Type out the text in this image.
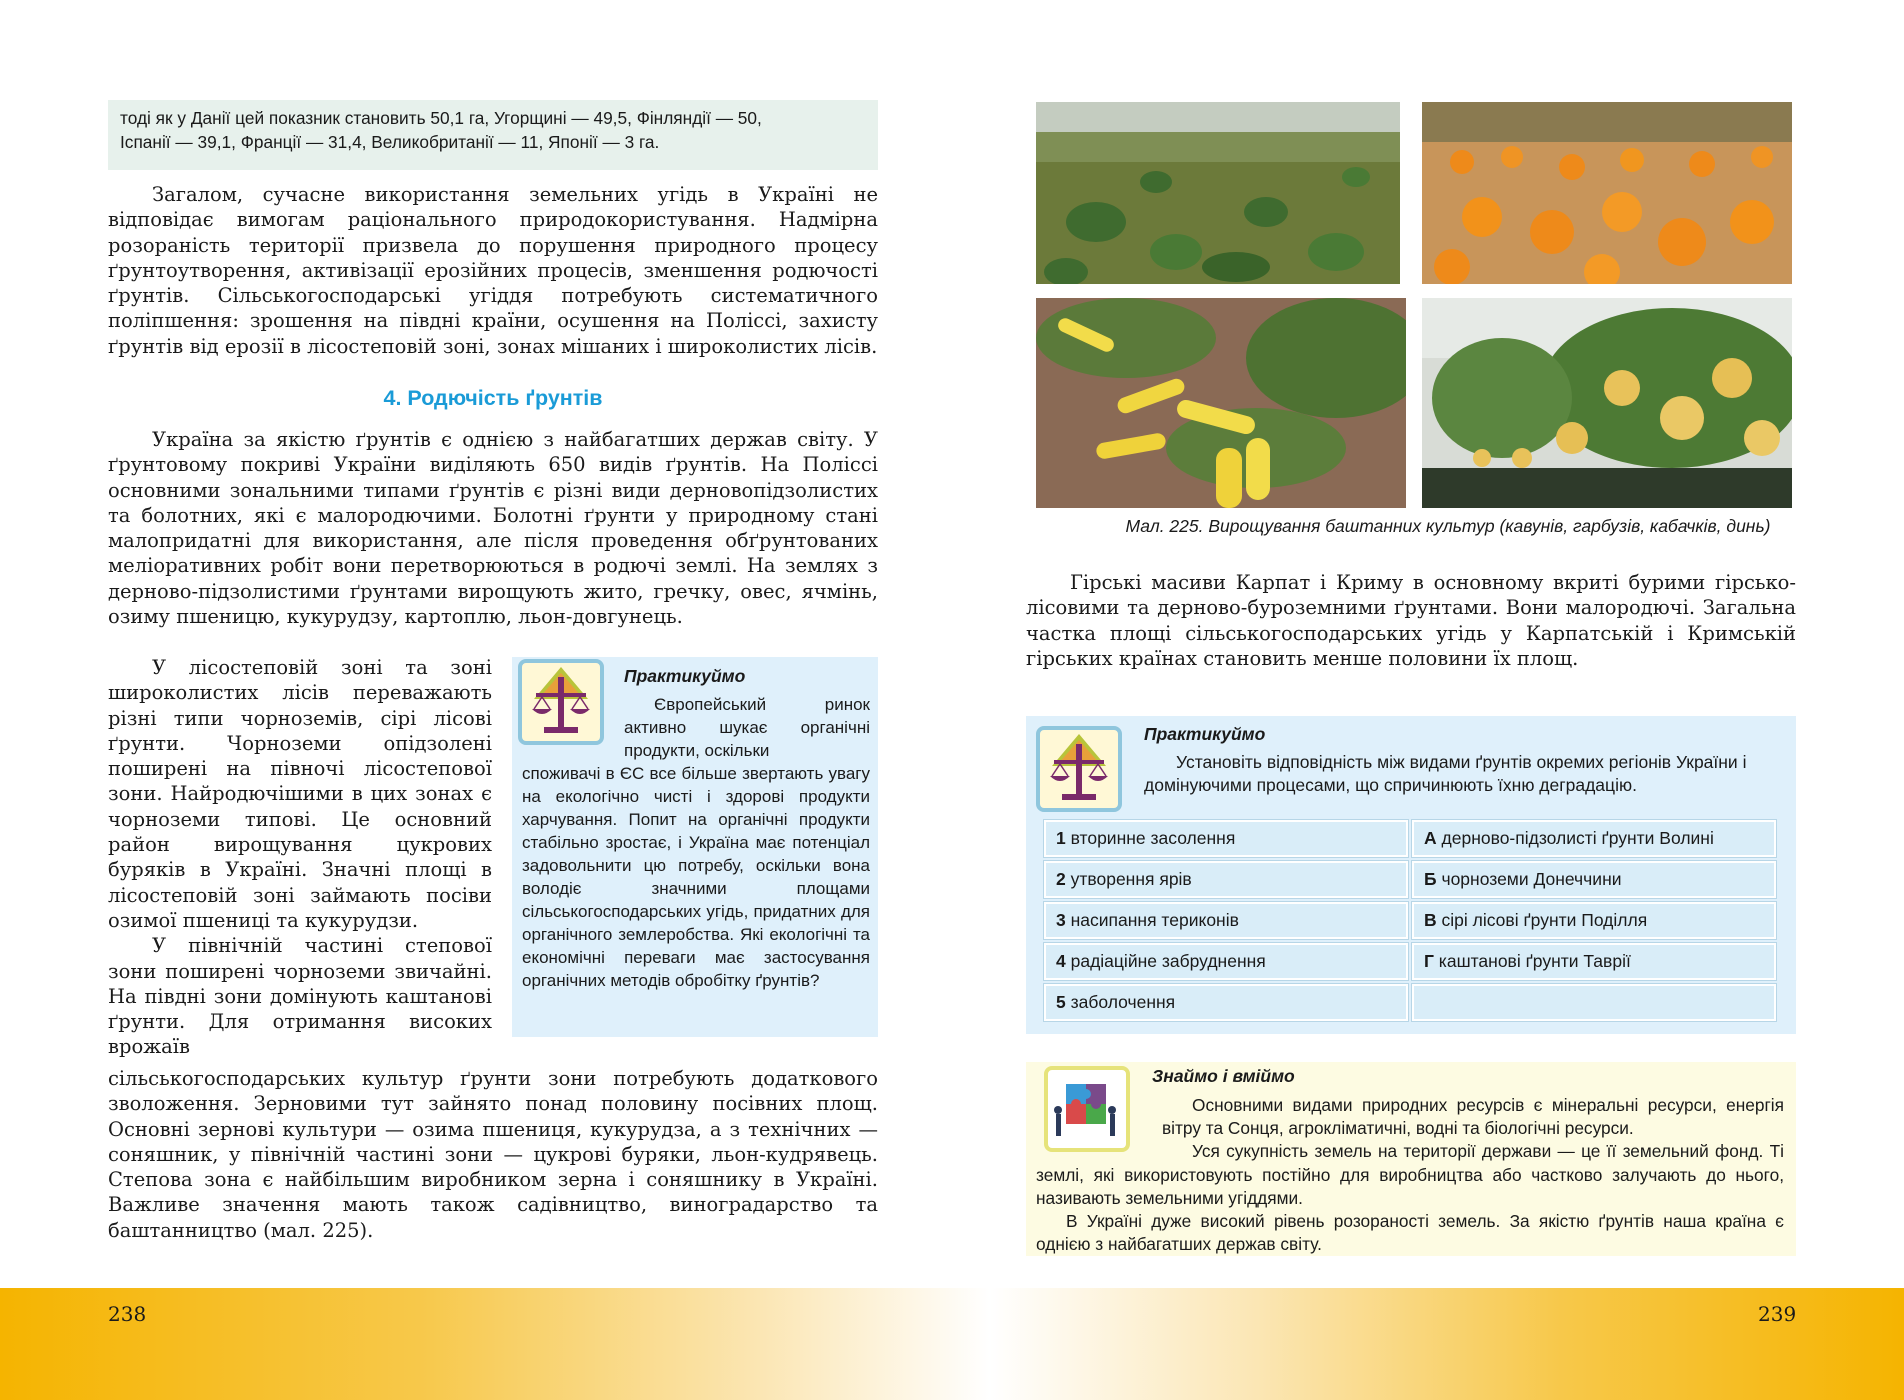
тоді як у Данії цей показник становить 50,1 га, Угорщині — 49,5, Фінляндії — 50,
Іспанії — 39,1, Франції — 31,4, Великобританії — 11, Японії — 3 га.

Загалом, сучасне використання земельних угідь в Україні не відповідає вимогам раціонального природокористування. Надмірна розораність території призвела до порушення природного процесу ґрунтоутворення, активізації ерозійних процесів, зменшення родючості ґрунтів. Сільськогосподарські угіддя потребують систематичного поліпшення: зрошення на півдні країни, осушення на Поліссі, захисту ґрунтів від ерозії в лісостеповій зоні, зонах мішаних і широколистих лісів.

4. Родючість ґрунтів

Україна за якістю ґрунтів є однією з найбагатших держав світу. У ґрунтовому покриві України виділяють 650 видів ґрунтів. На Поліссі основними зональними типами ґрунтів є різні види дерновопідзолистих та болотних, які є малородючими. Болотні ґрунти у природному стані малопридатні для використання, але після проведення обґрунтованих меліоративних робіт вони перетворюються в родючі землі. На землях з дерново-підзолистими ґрунтами вирощують жито, гречку, овес, ячмінь, озиму пшеницю, кукурудзу, картоплю, льон-довгунець.

У лісостеповій зоні та зоні широколистих лісів переважають різні типи чорноземів, сірі лісові ґрунти. Чорноземи опідзолені поширені на півночі лісостепової зони. Найродючішими в цих зонах є чорноземи типові. Це основний район вирощування цукрових буряків в Україні. Значні площі в лісостеповій зоні займають посіви озимої пшениці та кукурудзи.

У північній частині степової зони поширені чорноземи звичайні. На півдні зони домінують каштанові ґрунти. Для отримання високих врожаїв

Практикуймо
Європейський ринок активно шукає органічні продукти, оскільки
споживачі в ЄС все більше звертають увагу на екологічно чисті і здорові продукти харчування. Попит на органічні продукти стабільно зростає, і Україна має потенціал задовольнити цю потребу, оскільки вона володіє значними площами сільськогосподарських угідь, придатних для органічного землеробства. Які екологічні та економічні переваги має застосування органічних методів обробітку ґрунтів?

сільськогосподарських культур ґрунти зони потребують додаткового зволоження. Зерновими тут зайнято понад половину посівних площ. Основні зернові культури — озима пшениця, кукурудза, а з технічних — соняшник, у північній частині зони — цукрові буряки, льон-кудрявець. Степова зона є найбільшим виробником зерна і соняшнику в Україні. Важливе значення мають також садівництво, виноградарство та баштанництво (мал. 225).

Мал. 225. Вирощування баштанних культур (кавунів, гарбузів, кабачків, динь)

Гірські масиви Карпат і Криму в основному вкриті бурими гірсько-лісовими та дерново-буроземними ґрунтами. Вони малородючі. Загальна частка площі сільськогосподарських угідь у Карпатській і Кримській гірських країнах становить менше половини їх площ.

Практикуймо
Установіть відповідність між видами ґрунтів окремих регіонів України і домінуючими процесами, що спричинюють їхню деградацію.
1 вторинне засолення	А дерново-підзолисті ґрунти Волині
2 утворення ярів	Б чорноземи Донеччини
3 насипання териконів	В сірі лісові ґрунти Поділля
4 радіаційне забруднення	Г каштанові ґрунти Таврії
5 заболочення	
Знаймо і вміймо

Основними видами природних ресурсів є мінеральні ресурси, енергія вітру та Сонця, агрокліматичні, водні та біологічні ресурси.

Уся сукупність земель на території держави — це її земельний фонд. Ті землі, які використовують постійно для виробництва або частково залучають до нього, називають земельними угіддями.

В Україні дуже високий рівень розораності земель. За якістю ґрунтів наша країна є однією з найбагатших держав світу.

238	239
